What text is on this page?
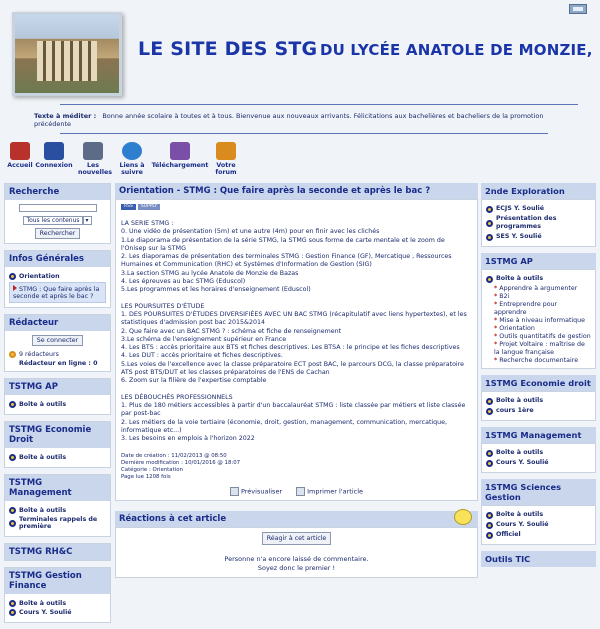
LE SITE DES STG DU LYCÉE ANATOLE DE MONZIE,
Texte à méditer : Bonne année scolaire à toutes et à tous. Bienvenue aux nouveaux arrivants. Félicitations aux bachelières et bacheliers de la promotion précédente
Accueil Connexion	Les nouvelles
Liens à suivre
Téléchargement	Votre forum
Recherche
Tous les contenus ▾
Rechercher
Infos Générales
Orientation
STMG : Que faire après la seconde et après le bac ?
Rédacteur
Se connecter
9 rédacteurs
Rédacteur en ligne : 0
TSTMG AP
Boîte à outils
TSTMG Economie Droit
Boîte à outils
TSTMG Management
Boîte à outils
Terminales rappels de première
TSTMG RH&C
TSTMG Gestion Finance
Boîte à outils
Cours Y. Soulié
Orientation - STMG : Que faire après la seconde et après le bac ?
RSS	SUPPLY

LA SERIE STMG :

0. Une vidéo de présentation (5m) et une autre (4m) pour en finir avec les clichés

1.Le diaporama de présentation de la série STMG, la STMG sous forme de carte mentale et le zoom de l'Onisep sur la STMG

2. Les diaporamas de présentation des terminales STMG : Gestion Finance (GF), Mercatique , Ressources Humaines et Communication (RHC) et Systèmes d'Information de Gestion (SIG)

3.La section STMG au lycée Anatole de Monzie de Bazas

4. Les épreuves au bac STMG (Eduscol)

5.Les programmes et les horaires d'enseignement (Eduscol)

LES POURSUITES D'ÉTUDE

1. DES POURSUITES D'ÉTUDES DIVERSIFIÉES AVEC UN BAC STMG (récapitulatif avec liens hypertextes), et les statistiques d'admission post bac 2015&2014

2. Que faire avec un BAC STMG ? : schéma et fiche de renseignement

3.Le schéma de l'enseignement supérieur en France

4. Les BTS : accès prioritaire aux BTS et fiches descriptives. Les BTSA : le principe et les fiches descriptives

4. Les DUT : accès prioritaire et fiches descriptives.

5.Les voies de l'excellence avec la classe préparatoire ECT post BAC, le parcours DCG, la classe préparatoire ATS post BTS/DUT et les classes préparatoires de l'ENS de Cachan

6. Zoom sur la filière de l'expertise comptable

LES DÉBOUCHÉS PROFESSIONNELS

1. Plus de 180 métiers accessibles à partir d'un baccalauréat STMG : liste classée par métiers et liste classée par post-bac

2. Les métiers de la voie tertiaire (économie, droit, gestion, management, communication, mercatique, informatique etc...)

3. Les besoins en emplois à l'horizon 2022

Date de création : 11/02/2013 @ 08:50
Dernière modification : 10/01/2016 @ 18:07
Catégorie : Orientation
Page lue 1208 fois
Prévisualiser	Imprimer l'article
Réactions à cet article
Réagir à cet article
Personne n'a encore laissé de commentaire.
Soyez donc le premier !
2nde Exploration
ECJS Y. Soulié
Présentation des programmes
SES Y. Soulié
1STMG AP
Boîte à outils
* Apprendre à argumenter
* B2i
* Entreprendre pour apprendre
* Mise à niveau informatique
* Orientation
* Outils quantitatifs de gestion
* Projet Voltaire : maîtrise de la langue française
* Recherche documentaire
1STMG Economie droit
Boîte à outils
cours 1ère
1STMG Management
Boîte à outils
Cours Y. Soulié
1STMG Sciences Gestion
Boîte à outils
Cours Y. Soulié
Officiel
Outils TIC
